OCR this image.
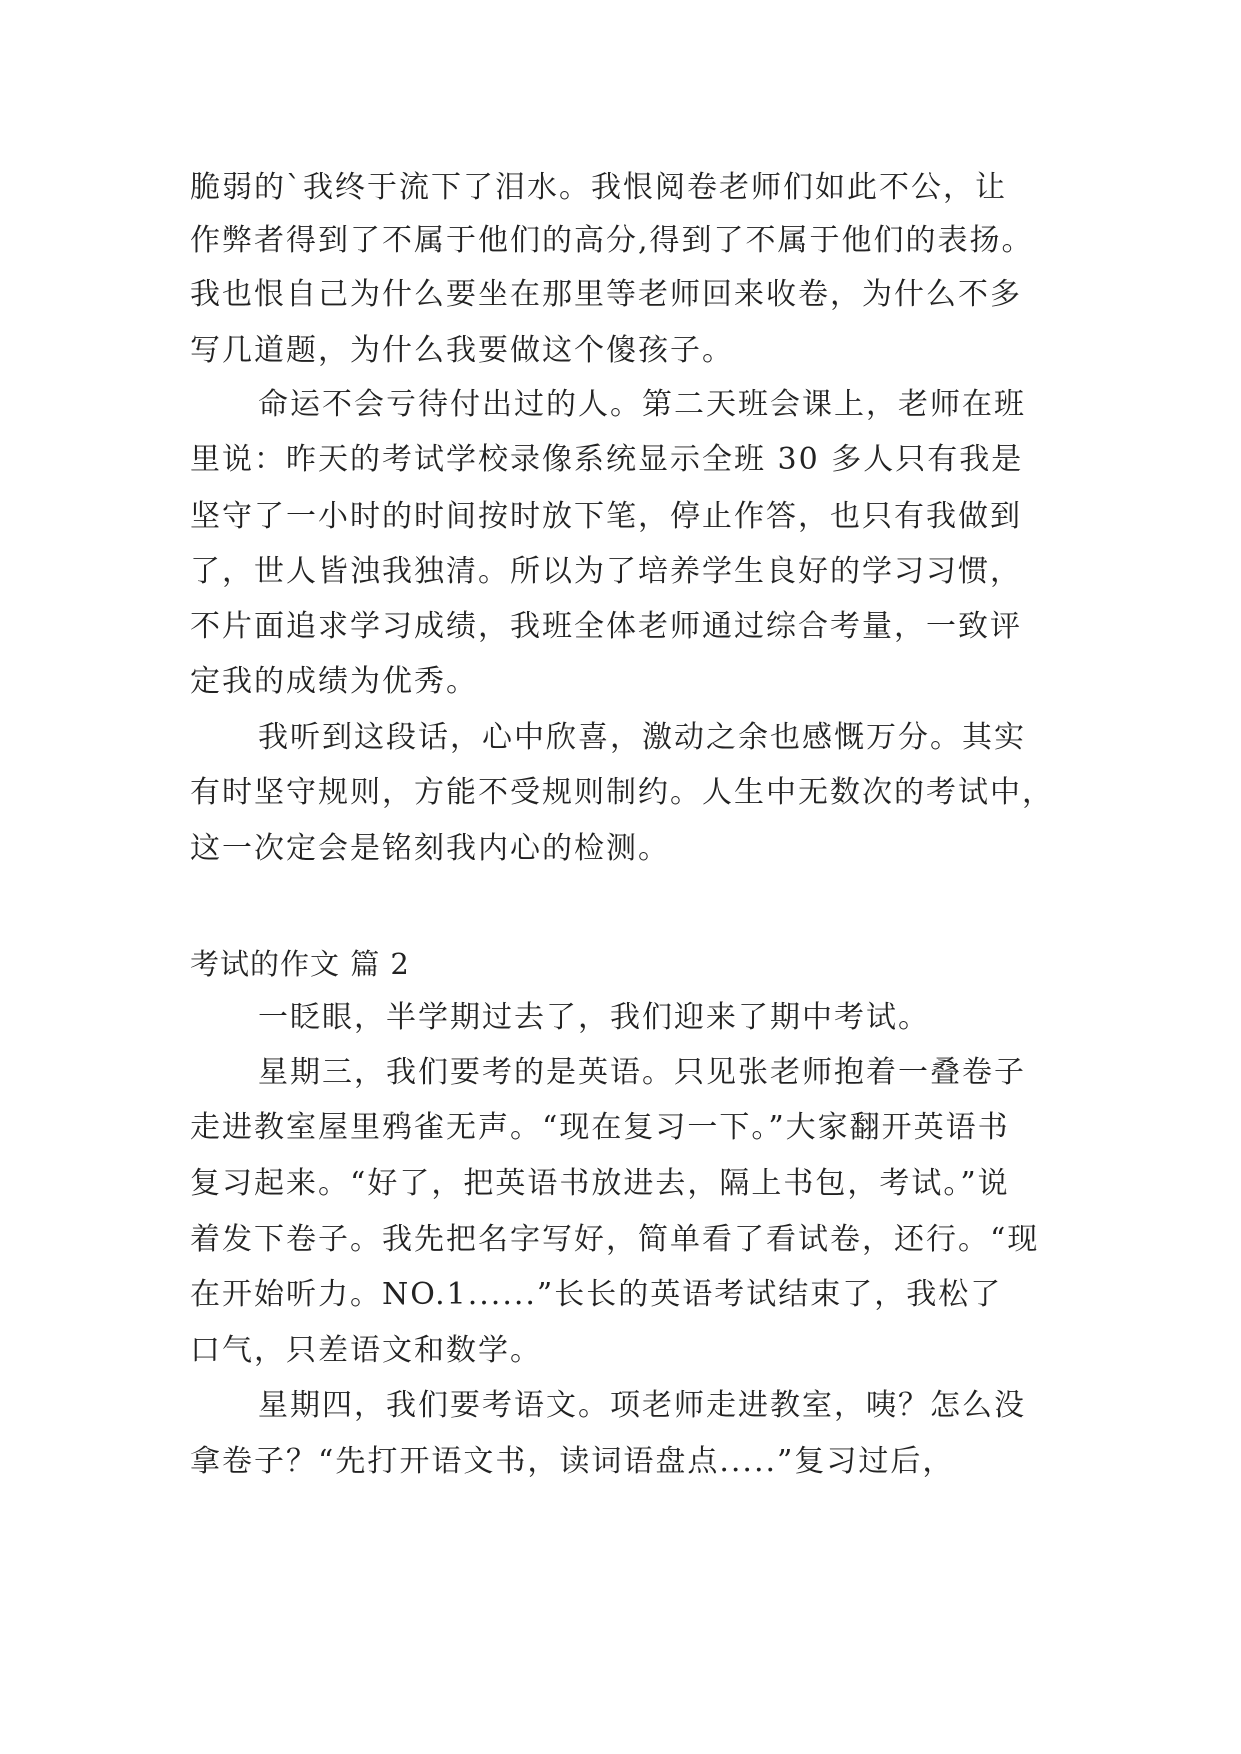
脆弱的`我终于流下了泪水。我恨阅卷老师们如此不公，让
作弊者得到了不属于他们的高分,得到了不属于他们的表扬。
我也恨自己为什么要坐在那里等老师回来收卷，为什么不多
写几道题，为什么我要做这个傻孩子。
命运不会亏待付出过的人。第二天班会课上，老师在班
里说：昨天的考试学校录像系统显示全班 30 多人只有我是
坚守了一小时的时间按时放下笔，停止作答，也只有我做到
了，世人皆浊我独清。所以为了培养学生良好的学习习惯，
不片面追求学习成绩，我班全体老师通过综合考量，一致评
定我的成绩为优秀。
我听到这段话，心中欣喜，激动之余也感慨万分。其实
有时坚守规则，方能不受规则制约。人生中无数次的考试中，
这一次定会是铭刻我内心的检测。
考试的作文 篇 2
一眨眼，半学期过去了，我们迎来了期中考试。
星期三，我们要考的是英语。只见张老师抱着一叠卷子
走进教室屋里鸦雀无声。“现在复习一下。”大家翻开英语书
复习起来。“好了，把英语书放进去，隔上书包，考试。”说
着发下卷子。我先把名字写好，简单看了看试卷，还行。“现
在开始听力。NO.1......”长长的英语考试结束了，我松了
口气，只差语文和数学。
星期四，我们要考语文。项老师走进教室，咦？怎么没
拿卷子？“先打开语文书，读词语盘点.....”复习过后，
